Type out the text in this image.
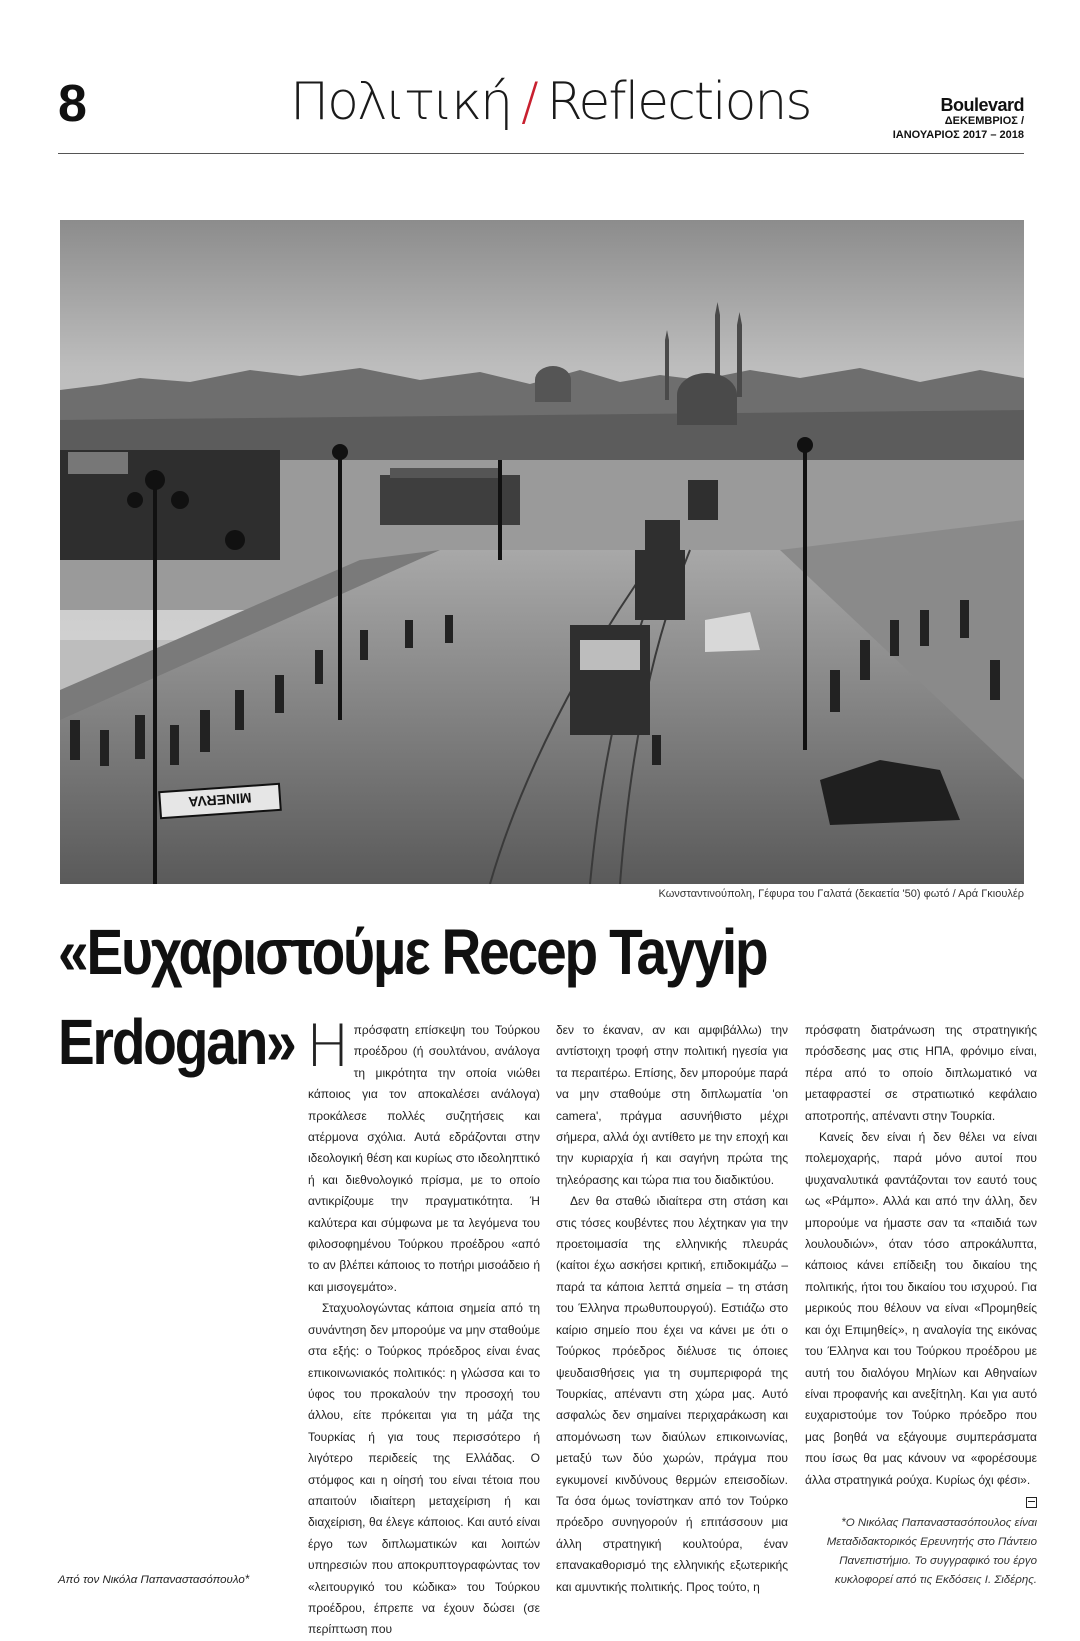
8	Πολιτική / Reflections	Boulevard
ΔΕΚΕΜΒΡΙΟΣ /
ΙΑΝΟΥΑΡΙΟΣ 2017 – 2018
MINERVA
Κωνσταντινούπολη, Γέφυρα του Γαλατά (δεκαετία '50) φωτό / Αρά Γκιουλέρ
«Ευχαριστούμε Recep Tayyip
Erdogan» Ηπρόσφατη επίσκεψη του Τούρκου προέδρου (ή σουλτάνου, ανάλογα τη μικρότητα την οποία νιώθει κάποιος για τον αποκαλέσει ανάλογα) προκάλεσε πολλές συζητήσεις και ατέρμονα σχόλια. Αυτά εδράζονται στην ιδεολογική θέση και κυρίως στο ιδεοληπτικό ή και διεθνολογικό πρίσμα, με το οποίο αντικρίζουμε την πραγματικότητα. Ή καλύτερα και σύμφωνα με τα λεγόμενα του φιλοσοφημένου Τούρκου προέδρου «από το αν βλέπει κάποιος το ποτήρι μισοάδειο ή και μισογεμάτο».

Σταχυολογώντας κάποια σημεία από τη συνάντηση δεν μπορούμε να μην σταθούμε στα εξής: ο Τούρκος πρόεδρος είναι ένας επικοινωνιακός πολιτικός: η γλώσσα και το ύφος του προκαλούν την προσοχή του άλλου, είτε πρόκειται για τη μάζα της Τουρκίας ή για τους περισσότερο ή λιγότερο περιδεείς της Ελλάδας. Ο στόμφος και η οίησή του είναι τέτοια που απαιτούν ιδιαίτερη μεταχείριση ή και διαχείριση, θα έλεγε κάποιος. Και αυτό είναι έργο των διπλωματικών και λοιπών υπηρεσιών που αποκρυπτογραφώντας τον «λειτουργικό του κώδικα» του Τούρκου προέδρου, έπρεπε να έχουν δώσει (σε περίπτωση που

δεν το έκαναν, αν και αμφιβάλλω) την αντίστοιχη τροφή στην πολιτική ηγεσία για τα περαιτέρω. Επίσης, δεν μπορούμε παρά να μην σταθούμε στη διπλωματία 'on camera', πράγμα ασυνήθιστο μέχρι σήμερα, αλλά όχι αντίθετο με την εποχή και την κυριαρχία ή και σαγήνη πρώτα της τηλεόρασης και τώρα πια του διαδικτύου.

Δεν θα σταθώ ιδιαίτερα στη στάση και στις τόσες κουβέντες που λέχτηκαν για την προετοιμασία της ελληνικής πλευράς (καίτοι έχω ασκήσει κριτική, επιδοκιμάζω –παρά τα κάποια λεπτά σημεία – τη στάση του Έλληνα πρωθυπουργού). Εστιάζω στο καίριο σημείο που έχει να κάνει με ότι ο Τούρκος πρόεδρος διέλυσε τις όποιες ψευδαισθήσεις για τη συμπεριφορά της Τουρκίας, απέναντι στη χώρα μας. Αυτό ασφαλώς δεν σημαίνει περιχαράκωση και απομόνωση των διαύλων επικοινωνίας, μεταξύ των δύο χωρών, πράγμα που εγκυμονεί κινδύνους θερμών επεισοδίων. Τα όσα όμως τονίστηκαν από τον Τούρκο πρόεδρο συνηγορούν ή επιτάσσουν μια άλλη στρατηγική κουλτούρα, έναν επανακαθορισμό της ελληνικής εξωτερικής και αμυντικής πολιτικής. Προς τούτο, η

πρόσφατη διατράνωση της στρατηγικής πρόσδεσης μας στις ΗΠΑ, φρόνιμο είναι, πέρα από το οποίο διπλωματικό να μεταφραστεί σε στρατιωτικό κεφάλαιο αποτροπής, απέναντι στην Τουρκία.

Κανείς δεν είναι ή δεν θέλει να είναι πολεμοχαρής, παρά μόνο αυτοί που ψυχαναλυτικά φαντάζονται τον εαυτό τους ως «Ράμπο». Αλλά και από την άλλη, δεν μπορούμε να ήμαστε σαν τα «παιδιά των λουλουδιών», όταν τόσο απροκάλυπτα, κάποιος κάνει επίδειξη του δικαίου της πολιτικής, ήτοι του δικαίου του ισχυρού. Για μερικούς που θέλουν να είναι «Προμηθείς και όχι Επιμηθείς», η αναλογία της εικόνας του Έλληνα και του Τούρκου προέδρου με αυτή του διαλόγου Μηλίων και Αθηναίων είναι προφανής και ανεξίτηλη. Και για αυτό ευχαριστούμε τον Τούρκο πρόεδρο που μας βοηθά να εξάγουμε συμπεράσματα που ίσως θα μας κάνουν να «φορέσουμε άλλα στρατηγικά ρούχα. Κυρίως όχι φέσι».

*Ο Νικόλας Παπαναστασόπουλος είναι Μεταδιδακτορικός Ερευνητής στο Πάντειο Πανεπιστήμιο. Το συγγραφικό του έργο κυκλοφορεί από τις Εκδόσεις Ι. Σιδέρης.
Από τον Νικόλα Παπαναστασόπουλο*
